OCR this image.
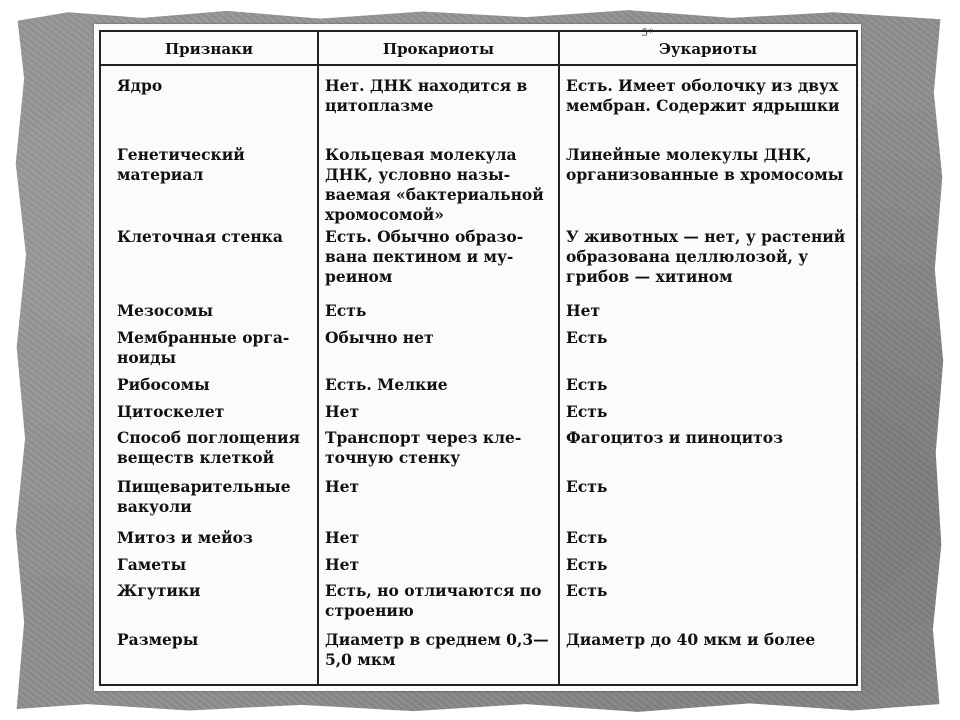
5*
Признаки	Прокариоты	Эукариоты
Ядро	Нет. ДНК находится в цитоплазме	Есть. Имеет оболочку из двух мембран. Содержит ядрышки
Генетический материал	Кольцевая молекула ДНК, условно называемая «бактериальной хромосомой»	Линейные молекулы ДНК, организованные в хромосомы
Клеточная стенка	Есть. Обычно образована пектином и муреином	У животных — нет, у растений образована целлюлозой, у грибов — хитином
Мезосомы	Есть	Нет
Мембранные органоиды	Обычно нет	Есть
Рибосомы	Есть. Мелкие	Есть
Цитоскелет	Нет	Есть
Способ поглощения веществ клеткой	Транспорт через клеточную стенку	Фагоцитоз и пиноцитоз
Пищеварительные вакуоли	Нет	Есть
Митоз и мейоз	Нет	Есть
Гаметы	Нет	Есть
Жгутики	Есть, но отличаются по строению	Есть
Размеры	Диаметр в среднем 0,3—5,0 мкм	Диаметр до 40 мкм и более
